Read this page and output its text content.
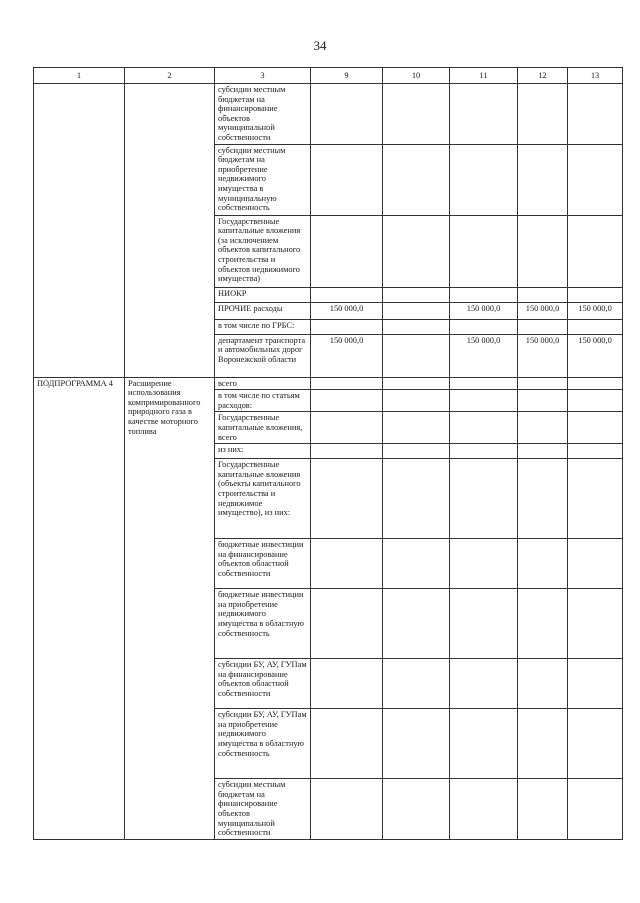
34
1	2	3	9	10	11	12	13
		субсидии местным бюджетам на финансирование объектов муниципальной собственности					
		субсидии местным бюджетам на приобретение недвижимого имущества в муниципальную собственность					
		Государственные капитальные вложения (за исключением объектов капитального строительства и объектов недвижимого имущества)					
		НИОКР					
		ПРОЧИЕ расходы	150 000,0		150 000,0	150 000,0	150 000,0
		в том числе по ГРБС:					
		департамент транспорта и автомобильных дорог Воронежской области	150 000,0		150 000,0	150 000,0	150 000,0
ПОДПРОГРАММА 4	Расширение использования компримированного природного газа в качестве моторного топлива	всего					
		в том числе по статьям расходов:					
		Государственные капитальные вложения, всего					
		из них:					
		Государственные капитальные вложения (объекты капитального строительства и недвижимое имущество), из них:					
		бюджетные инвестиции на финансирование объектов областной собственности					
		бюджетные инвестиции на приобретение недвижимого имущества в областную собственность					
		субсидии БУ, АУ, ГУПам на финансирование объектов областной собственности					
		субсидии БУ, АУ, ГУПам на приобретение недвижимого имущества в областную собственность					
		субсидии местным бюджетам на финансирование объектов муниципальной собственности					
